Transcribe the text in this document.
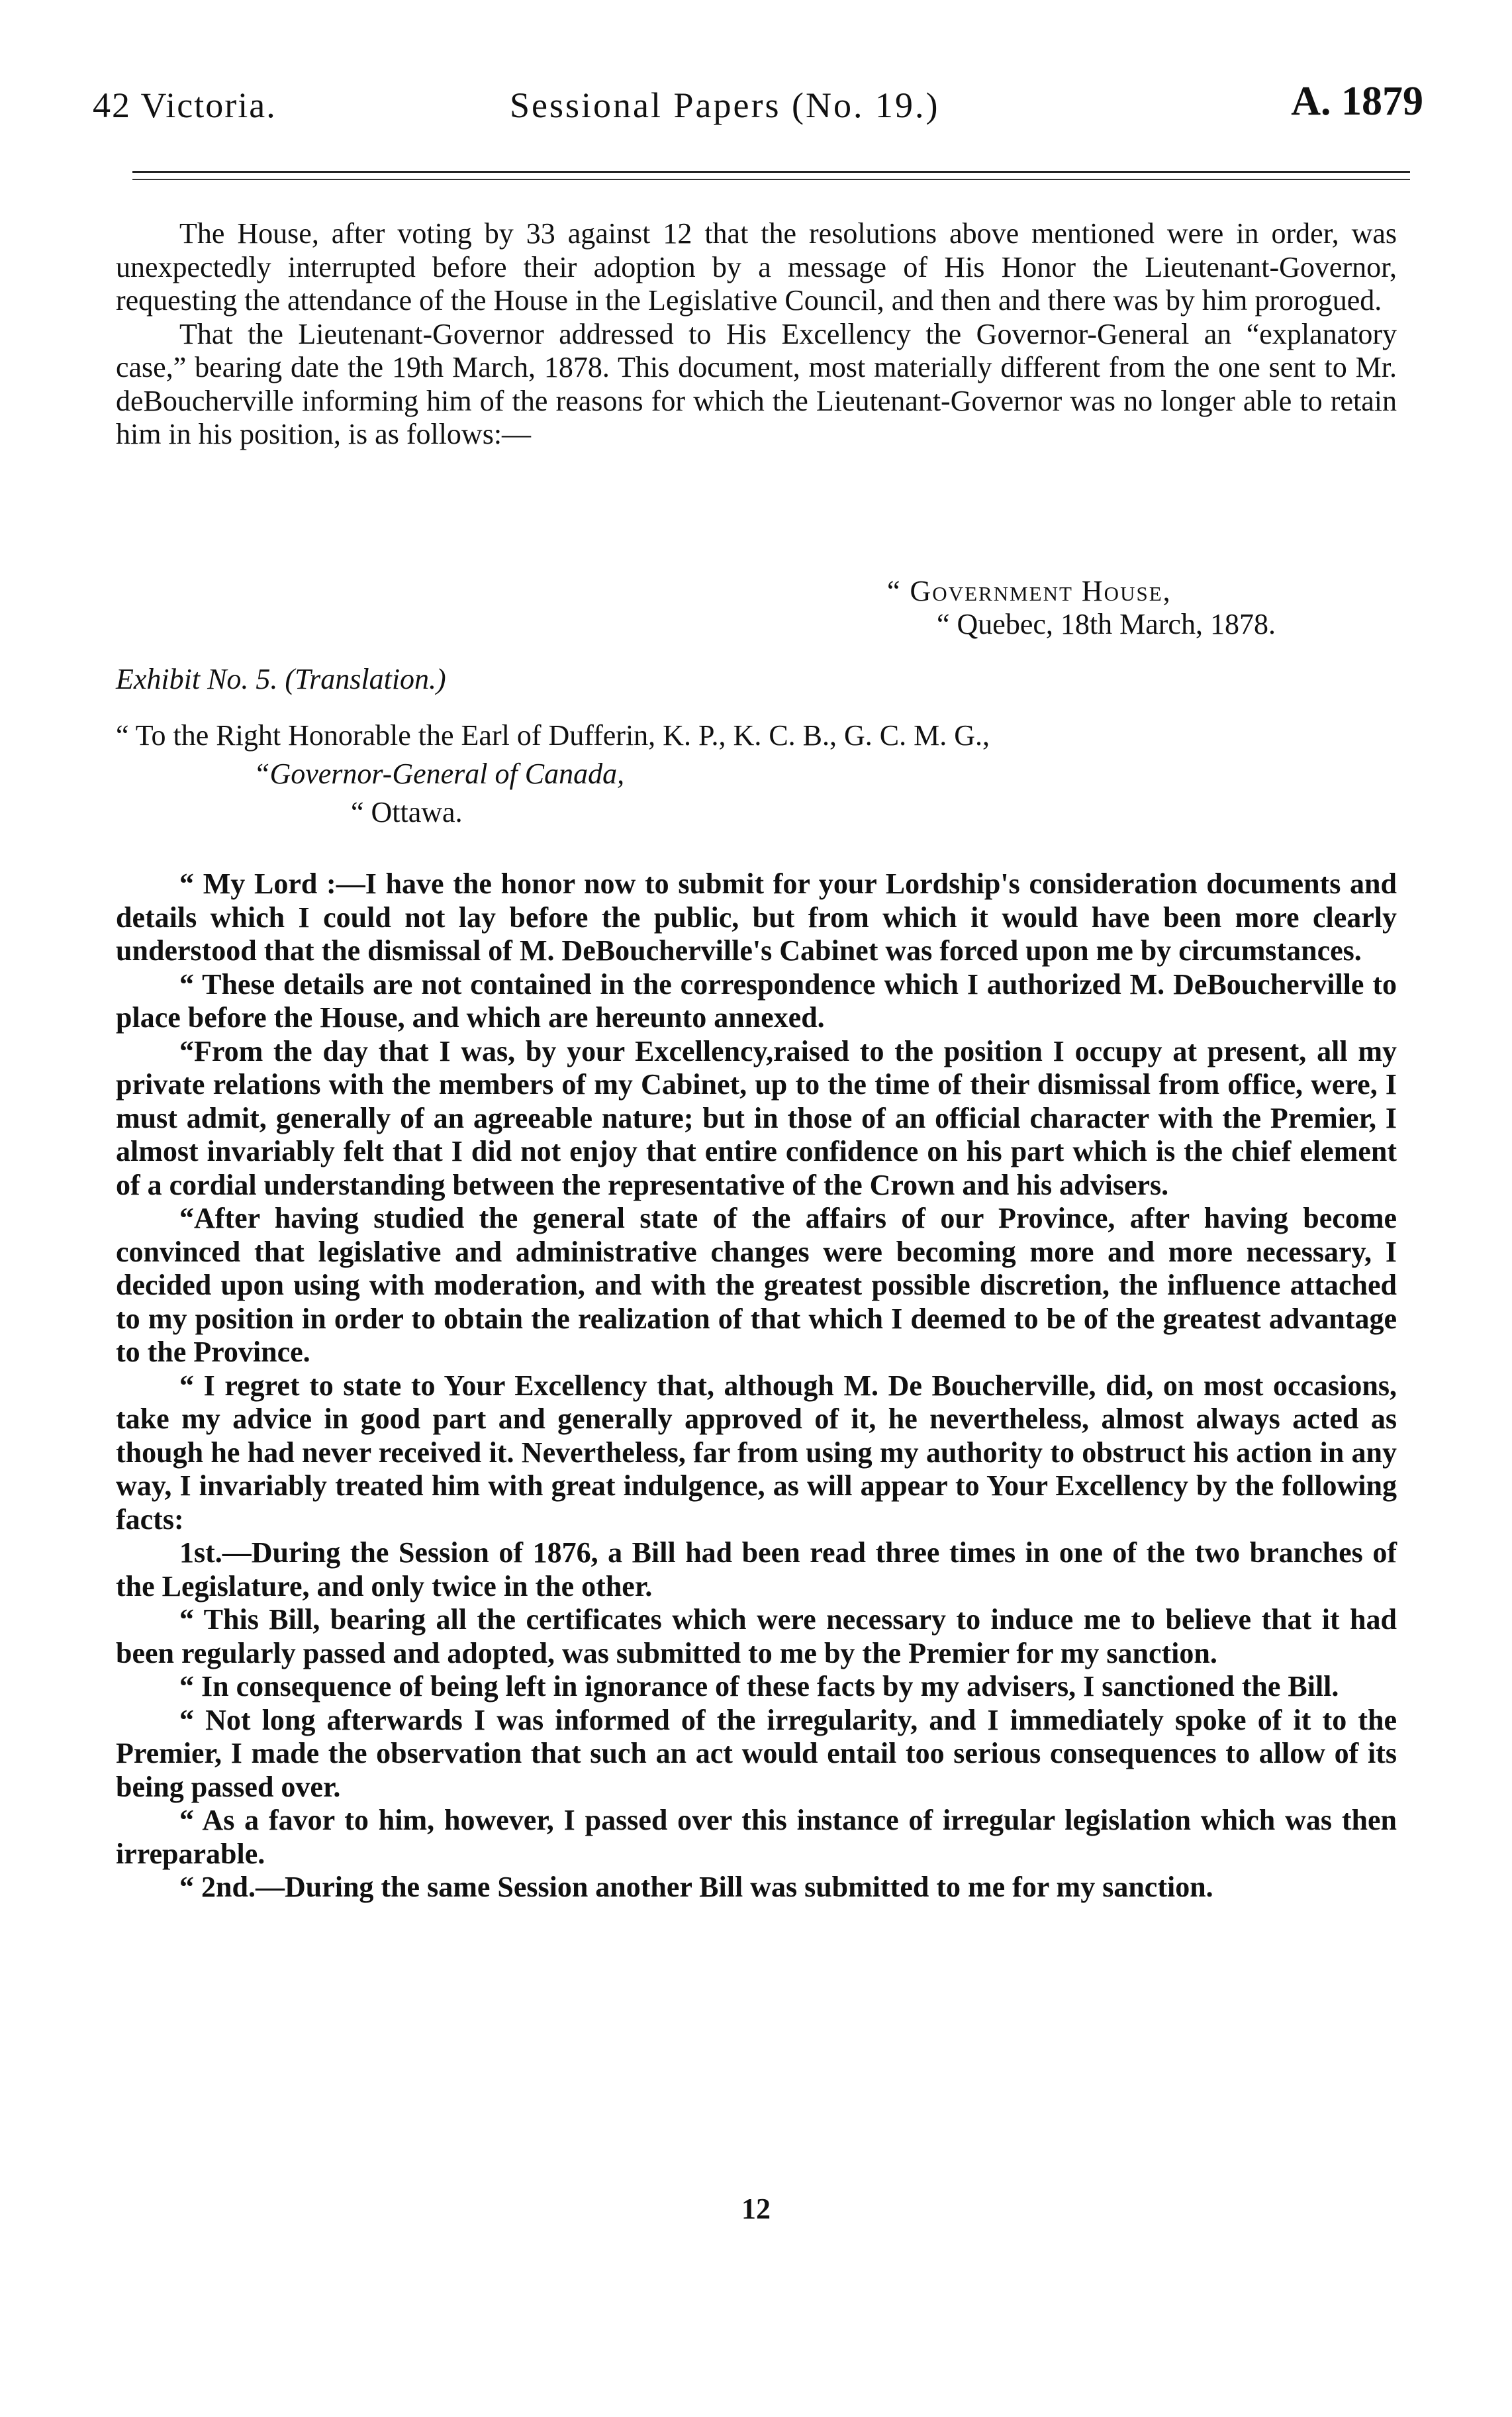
42 Victoria.	Sessional Papers (No. 19.)	A. 1879

The House, after voting by 33 against 12 that the resolutions above mentioned were in order, was unexpectedly interrupted before their adoption by a message of His Honor the Lieutenant-Governor, requesting the attendance of the House in the Legislative Council, and then and there was by him prorogued.

That the Lieutenant-Governor addressed to His Excellency the Governor-General an “explanatory case,” bearing date the 19th March, 1878. This document, most materially different from the one sent to Mr. deBoucherville informing him of the reasons for which the Lieutenant-Governor was no longer able to retain him in his position, is as follows:—

“ Government House,
“ Quebec, 18th March, 1878.
Exhibit No. 5. (Translation.)
“ To the Right Honorable the Earl of Dufferin, K. P., K. C. B., G. C. M. G.,
“Governor-General of Canada,
“ Ottawa.

“ My Lord :—I have the honor now to submit for your Lordship's consideration documents and details which I could not lay before the public, but from which it would have been more clearly understood that the dismissal of M. DeBoucherville's Cabinet was forced upon me by circumstances.

“ These details are not contained in the correspondence which I authorized M. DeBoucherville to place before the House, and which are hereunto annexed.

“From the day that I was, by your Excellency,raised to the position I occupy at present, all my private relations with the members of my Cabinet, up to the time of their dismissal from office, were, I must admit, generally of an agreeable nature; but in those of an official character with the Premier, I almost invariably felt that I did not enjoy that entire confidence on his part which is the chief element of a cordial understanding between the representative of the Crown and his advisers.

“After having studied the general state of the affairs of our Province, after having become convinced that legislative and administrative changes were becoming more and more necessary, I decided upon using with moderation, and with the greatest possible discretion, the influence attached to my position in order to obtain the realization of that which I deemed to be of the greatest advantage to the Province.

“ I regret to state to Your Excellency that, although M. De Boucherville, did, on most occasions, take my advice in good part and generally approved of it, he nevertheless, almost always acted as though he had never received it. Nevertheless, far from using my authority to obstruct his action in any way, I invariably treated him with great indulgence, as will appear to Your Excellency by the following facts:

1st.—During the Session of 1876, a Bill had been read three times in one of the two branches of the Legislature, and only twice in the other.

“ This Bill, bearing all the certificates which were necessary to induce me to believe that it had been regularly passed and adopted, was submitted to me by the Premier for my sanction.

“ In consequence of being left in ignorance of these facts by my advisers, I sanctioned the Bill.

“ Not long afterwards I was informed of the irregularity, and I immediately spoke of it to the Premier, I made the observation that such an act would entail too serious consequences to allow of its being passed over.

“ As a favor to him, however, I passed over this instance of irregular legislation which was then irreparable.

“ 2nd.—During the same Session another Bill was submitted to me for my sanction.

12
